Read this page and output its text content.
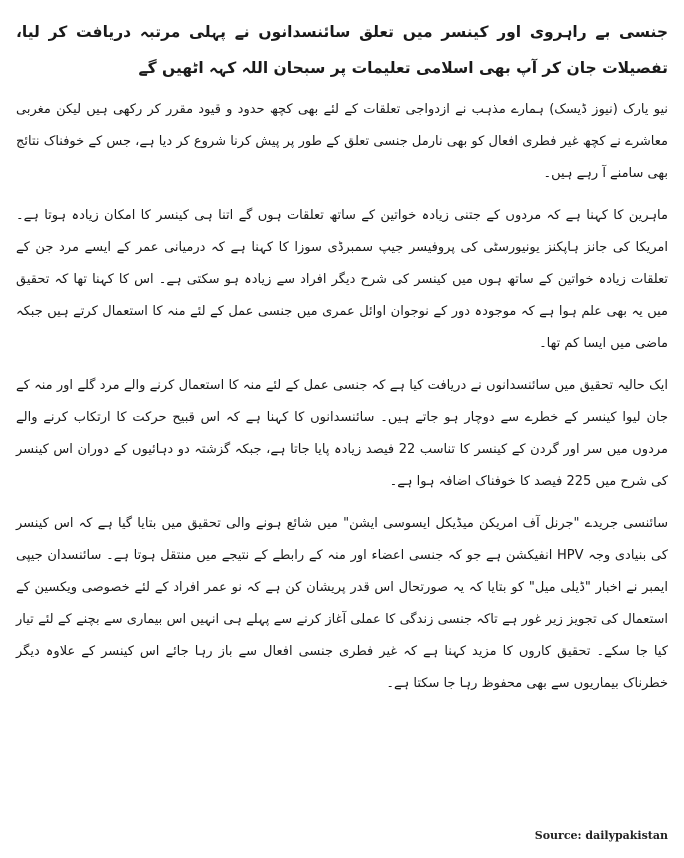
جنسی بے راہروی اور کینسر میں تعلق سائنسدانوں نے پہلی مرتبہ دریافت کر لیا، تفصیلات جان کر آپ بھی اسلامی تعلیمات پر سبحان اللہ کہہ اٹھیں گے

نیو یارک (نیوز ڈیسک) ہمارے مذہب نے ازدواجی تعلقات کے لئے بھی کچھ حدود و قیود مقرر کر رکھی ہیں لیکن مغربی معاشرے نے کچھ غیر فطری افعال کو بھی نارمل جنسی تعلق کے طور پر پیش کرنا شروع کر دیا ہے، جس کے خوفناک نتائج بھی سامنے آ رہے ہیں۔

ماہرین کا کہنا ہے کہ مردوں کے جتنی زیادہ خواتین کے ساتھ تعلقات ہوں گے اتنا ہی کینسر کا امکان زیادہ ہوتا ہے۔ امریکا کی جانز ہاپکنز یونیورسٹی کی پروفیسر جیپ سمبرڈی سوزا کا کہنا ہے کہ درمیانی عمر کے ایسے مرد جن کے تعلقات زیادہ خواتین کے ساتھ ہوں میں کینسر کی شرح دیگر افراد سے زیادہ ہو سکتی ہے۔ اس کا کہنا تھا کہ تحقیق میں یہ بھی علم ہوا ہے کہ موجودہ دور کے نوجوان اوائل عمری میں جنسی عمل کے لئے منہ کا استعمال کرتے ہیں جبکہ ماضی میں ایسا کم تھا۔

ایک حالیہ تحقیق میں سائنسدانوں نے دریافت کیا ہے کہ جنسی عمل کے لئے منہ کا استعمال کرنے والے مرد گلے اور منہ کے جان لیوا کینسر کے خطرے سے دوچار ہو جاتے ہیں۔ سائنسدانوں کا کہنا ہے کہ اس قبیح حرکت کا ارتکاب کرنے والے مردوں میں سر اور گردن کے کینسر کا تناسب 22 فیصد زیادہ پایا جاتا ہے، جبکہ گزشتہ دو دہائیوں کے دوران اس کینسر کی شرح میں 225 فیصد کا خوفناک اضافہ ہوا ہے۔

سائنسی جریدے "جرنل آف امریکن میڈیکل ایسوسی ایشن" میں شائع ہونے والی تحقیق میں بتایا گیا ہے کہ اس کینسر کی بنیادی وجہ HPV انفیکشن ہے جو کہ جنسی اعضاء اور منہ کے رابطے کے نتیجے میں منتقل ہوتا ہے۔ سائنسدان جیپی ایمبر نے اخبار "ڈیلی میل" کو بتایا کہ یہ صورتحال اس قدر پریشان کن ہے کہ نو عمر افراد کے لئے خصوصی ویکسین کے استعمال کی تجویز زیر غور ہے تاکہ جنسی زندگی کا عملی آغاز کرنے سے پہلے ہی انہیں اس بیماری سے بچنے کے لئے تیار کیا جا سکے۔ تحقیق کاروں کا مزید کہنا ہے کہ غیر فطری جنسی افعال سے باز رہا جائے اس کینسر کے علاوہ دیگر خطرناک بیماریوں سے بھی محفوظ رہا جا سکتا ہے۔

Source: dailypakistan
